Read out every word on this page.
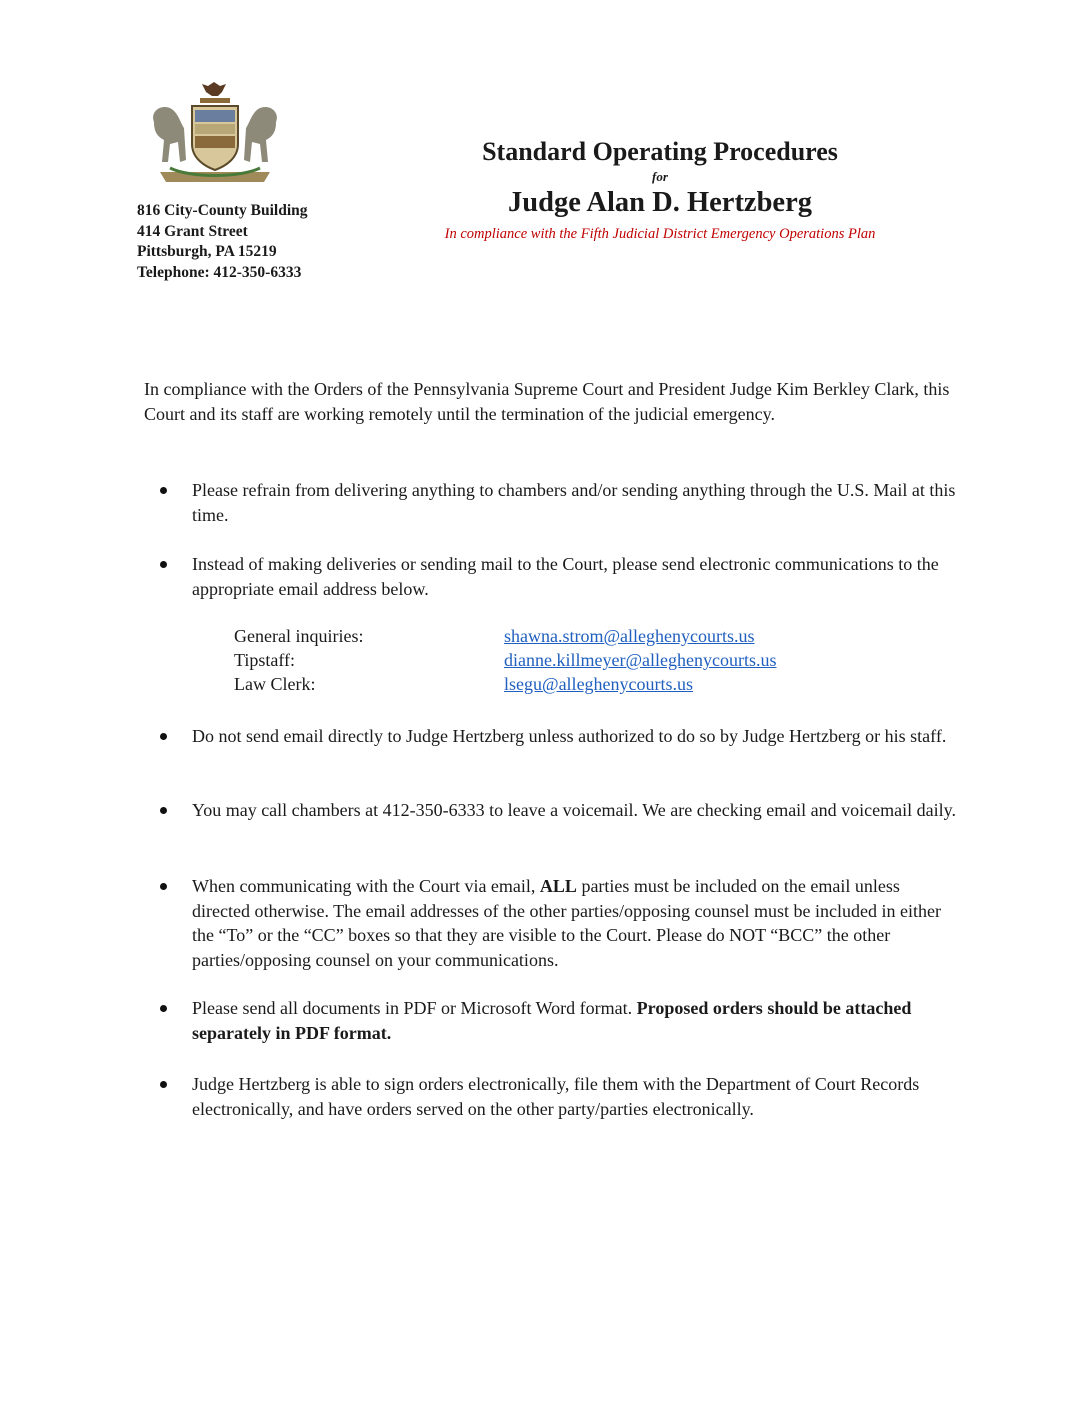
816 City-County Building
414 Grant Street
Pittsburgh, PA 15219
Telephone: 412-350-6333
Standard Operating Procedures
for
Judge Alan D. Hertzberg
In compliance with the Fifth Judicial District Emergency Operations Plan
In compliance with the Orders of the Pennsylvania Supreme Court and President Judge Kim Berkley Clark, this Court and its staff are working remotely until the termination of the judicial emergency.
Please refrain from delivering anything to chambers and/or sending anything through the U.S. Mail at this time.
Instead of making deliveries or sending mail to the Court, please send electronic communications to the appropriate email address below.
General inquiries:	shawna.strom@alleghenycourts.us
Tipstaff:	dianne.killmeyer@alleghenycourts.us
Law Clerk:	lsegu@alleghenycourts.us
Do not send email directly to Judge Hertzberg unless authorized to do so by Judge Hertzberg or his staff.
You may call chambers at 412-350-6333 to leave a voicemail. We are checking email and voicemail daily.
When communicating with the Court via email, ALL parties must be included on the email unless directed otherwise. The email addresses of the other parties/opposing counsel must be included in either the “To” or the “CC” boxes so that they are visible to the Court. Please do NOT “BCC” the other parties/opposing counsel on your communications.
Please send all documents in PDF or Microsoft Word format. Proposed orders should be attached separately in PDF format.
Judge Hertzberg is able to sign orders electronically, file them with the Department of Court Records electronically, and have orders served on the other party/parties electronically.
